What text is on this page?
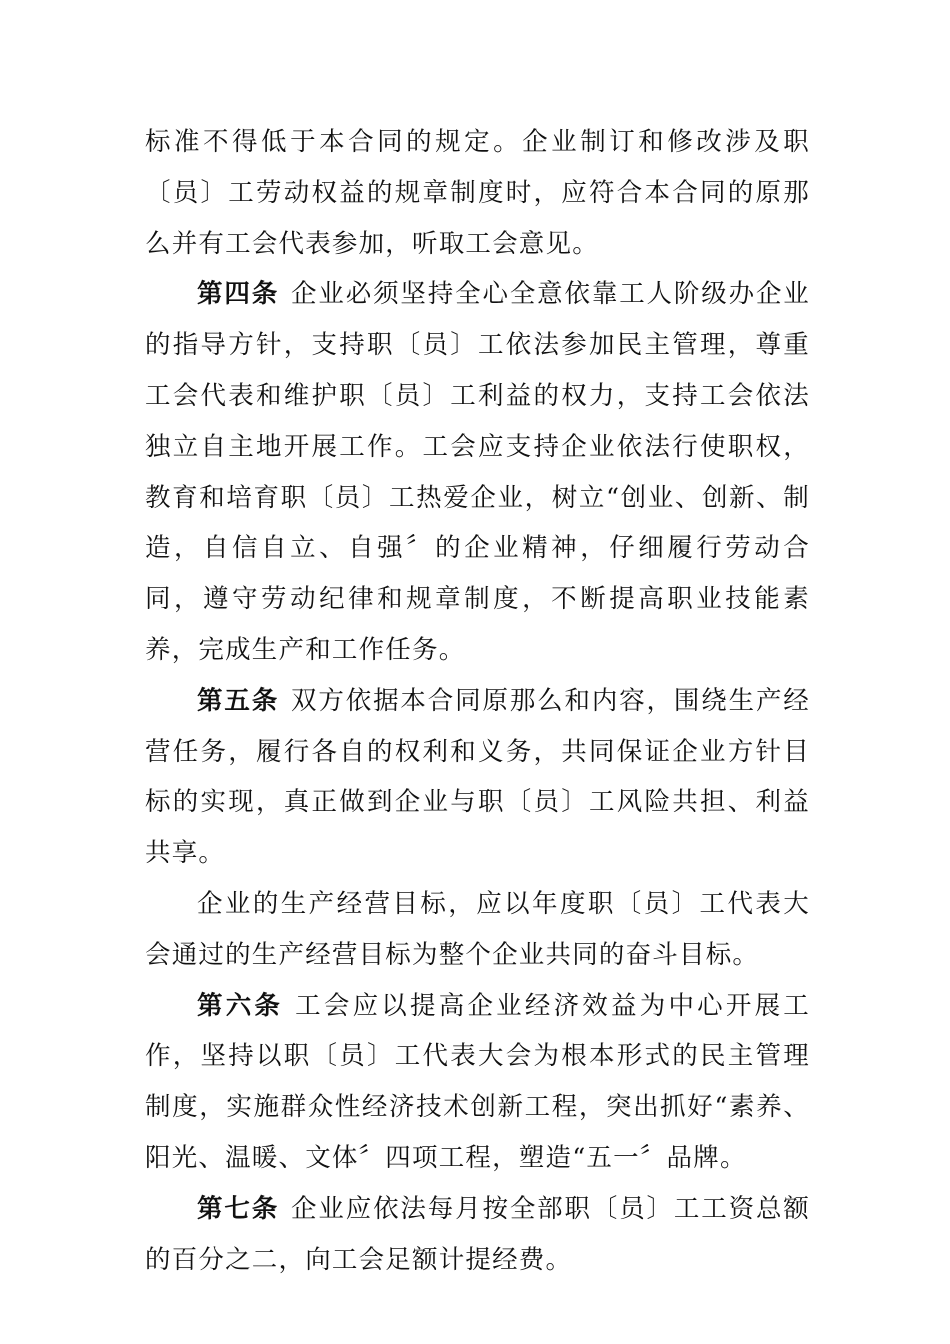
标准不得低于本合同的规定。企业制订和修改涉及职〔员〕工劳动权益的规章制度时，应符合本合同的原那么并有工会代表参加，听取工会意见。

第四条 企业必须坚持全心全意依靠工人阶级办企业的指导方针，支持职〔员〕工依法参加民主管理，尊重工会代表和维护职〔员〕工利益的权力，支持工会依法独立自主地开展工作。工会应支持企业依法行使职权，教育和培育职〔员〕工热爱企业，树立“创业、创新、制造，自信自立、自强〞的企业精神，仔细履行劳动合同，遵守劳动纪律和规章制度，不断提高职业技能素养，完成生产和工作任务。

第五条 双方依据本合同原那么和内容，围绕生产经营任务，履行各自的权利和义务，共同保证企业方针目标的实现，真正做到企业与职〔员〕工风险共担、利益共享。

企业的生产经营目标，应以年度职〔员〕工代表大会通过的生产经营目标为整个企业共同的奋斗目标。

第六条 工会应以提高企业经济效益为中心开展工作，坚持以职〔员〕工代表大会为根本形式的民主管理制度，实施群众性经济技术创新工程，突出抓好“素养、阳光、温暖、文体〞四项工程，塑造“五一〞品牌。

第七条 企业应依法每月按全部职〔员〕工工资总额的百分之二，向工会足额计提经费。
